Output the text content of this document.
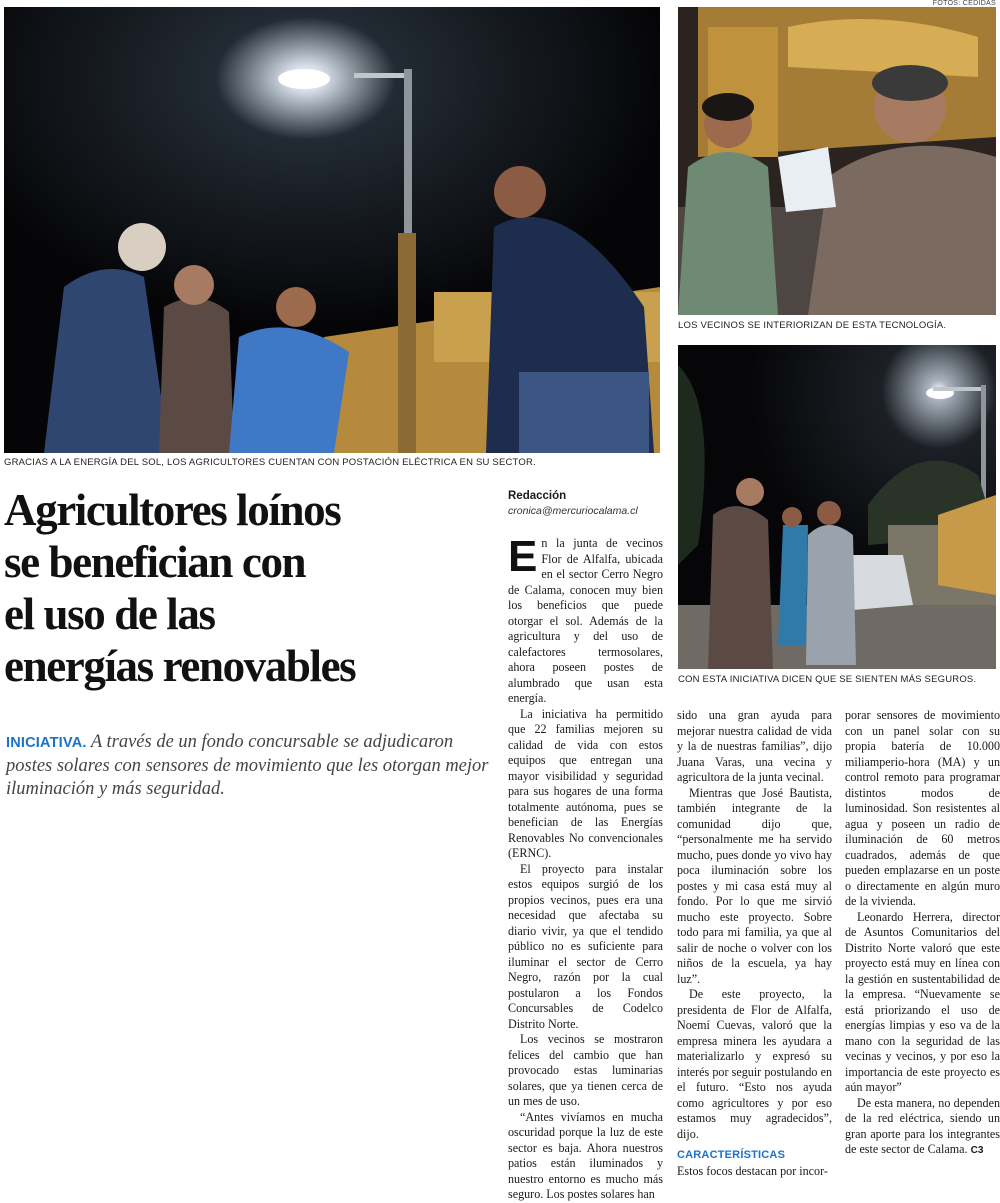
FOTOS: CEDIDAS
GRACIAS A LA ENERGÍA DEL SOL, LOS AGRICULTORES CUENTAN CON POSTACIÓN ELÉCTRICA EN SU SECTOR.
LOS VECINOS SE INTERIORIZAN DE ESTA TECNOLOGÍA.
CON ESTA INICIATIVA DICEN QUE SE SIENTEN MÁS SEGUROS.
Agricultores loínos
se benefician con
el uso de las
energías renovables
INICIATIVA. A través de un fondo concursable se adjudicaron postes solares con sensores de movimiento que les otorgan mejor iluminación y más seguridad.
Redacción
cronica@mercuriocalama.cl

En la junta de vecinos Flor de Alfalfa, ubicada en el sector Cerro Negro de Calama, conocen muy bien los beneficios que puede otorgar el sol. Además de la agricultura y del uso de calefactores termosolares, ahora poseen postes de alumbrado que usan esta energía.

La iniciativa ha permitido que 22 familias mejoren su calidad de vida con estos equipos que entregan una mayor visibilidad y seguridad para sus hogares de una forma totalmente autónoma, pues se benefician de las Energías Renovables No convencionales (ERNC).

El proyecto para instalar estos equipos surgió de los propios vecinos, pues era una necesidad que afectaba su diario vivir, ya que el tendido público no es suficiente para iluminar el sector de Cerro Negro, razón por la cual postularon a los Fondos Concursables de Codelco Distrito Norte.

Los vecinos se mostraron felices del cambio que han provocado estas luminarias solares, que ya tienen cerca de un mes de uso.

“Antes vivíamos en mucha oscuridad porque la luz de este sector es baja. Ahora nuestros patios están iluminados y nuestro entorno es mucho más seguro. Los postes solares han

sido una gran ayuda para mejorar nuestra calidad de vida y la de nuestras familias”, dijo Juana Varas, una vecina y agricultora de la junta vecinal.

Mientras que José Bautista, también integrante de la comunidad dijo que, “personalmente me ha servido mucho, pues donde yo vivo hay poca iluminación sobre los postes y mi casa está muy al fondo. Por lo que me sirvió mucho este proyecto. Sobre todo para mi familia, ya que al salir de noche o volver con los niños de la escuela, ya hay luz”.

De este proyecto, la presidenta de Flor de Alfalfa, Noemí Cuevas, valoró que la empresa minera les ayudara a materializarlo y expresó su interés por seguir postulando en el futuro. “Esto nos ayuda como agricultores y por eso estamos muy agradecidos”, dijo.

CARACTERÍSTICAS

Estos focos destacan por incor-

porar sensores de movimiento con un panel solar con su propia batería de 10.000 miliamperio-hora (MA) y un control remoto para programar distintos modos de luminosidad. Son resistentes al agua y poseen un radio de iluminación de 60 metros cuadrados, además de que pueden emplazarse en un poste o directamente en algún muro de la vivienda.

Leonardo Herrera, director de Asuntos Comunitarios del Distrito Norte valoró que este proyecto está muy en línea con la gestión en sustentabilidad de la empresa. “Nuevamente se está priorizando el uso de energías limpias y eso va de la mano con la seguridad de las vecinas y vecinos, y por eso la importancia de este proyecto es aún mayor”

De esta manera, no dependen de la red eléctrica, siendo un gran aporte para los integrantes de este sector de Calama. C3
